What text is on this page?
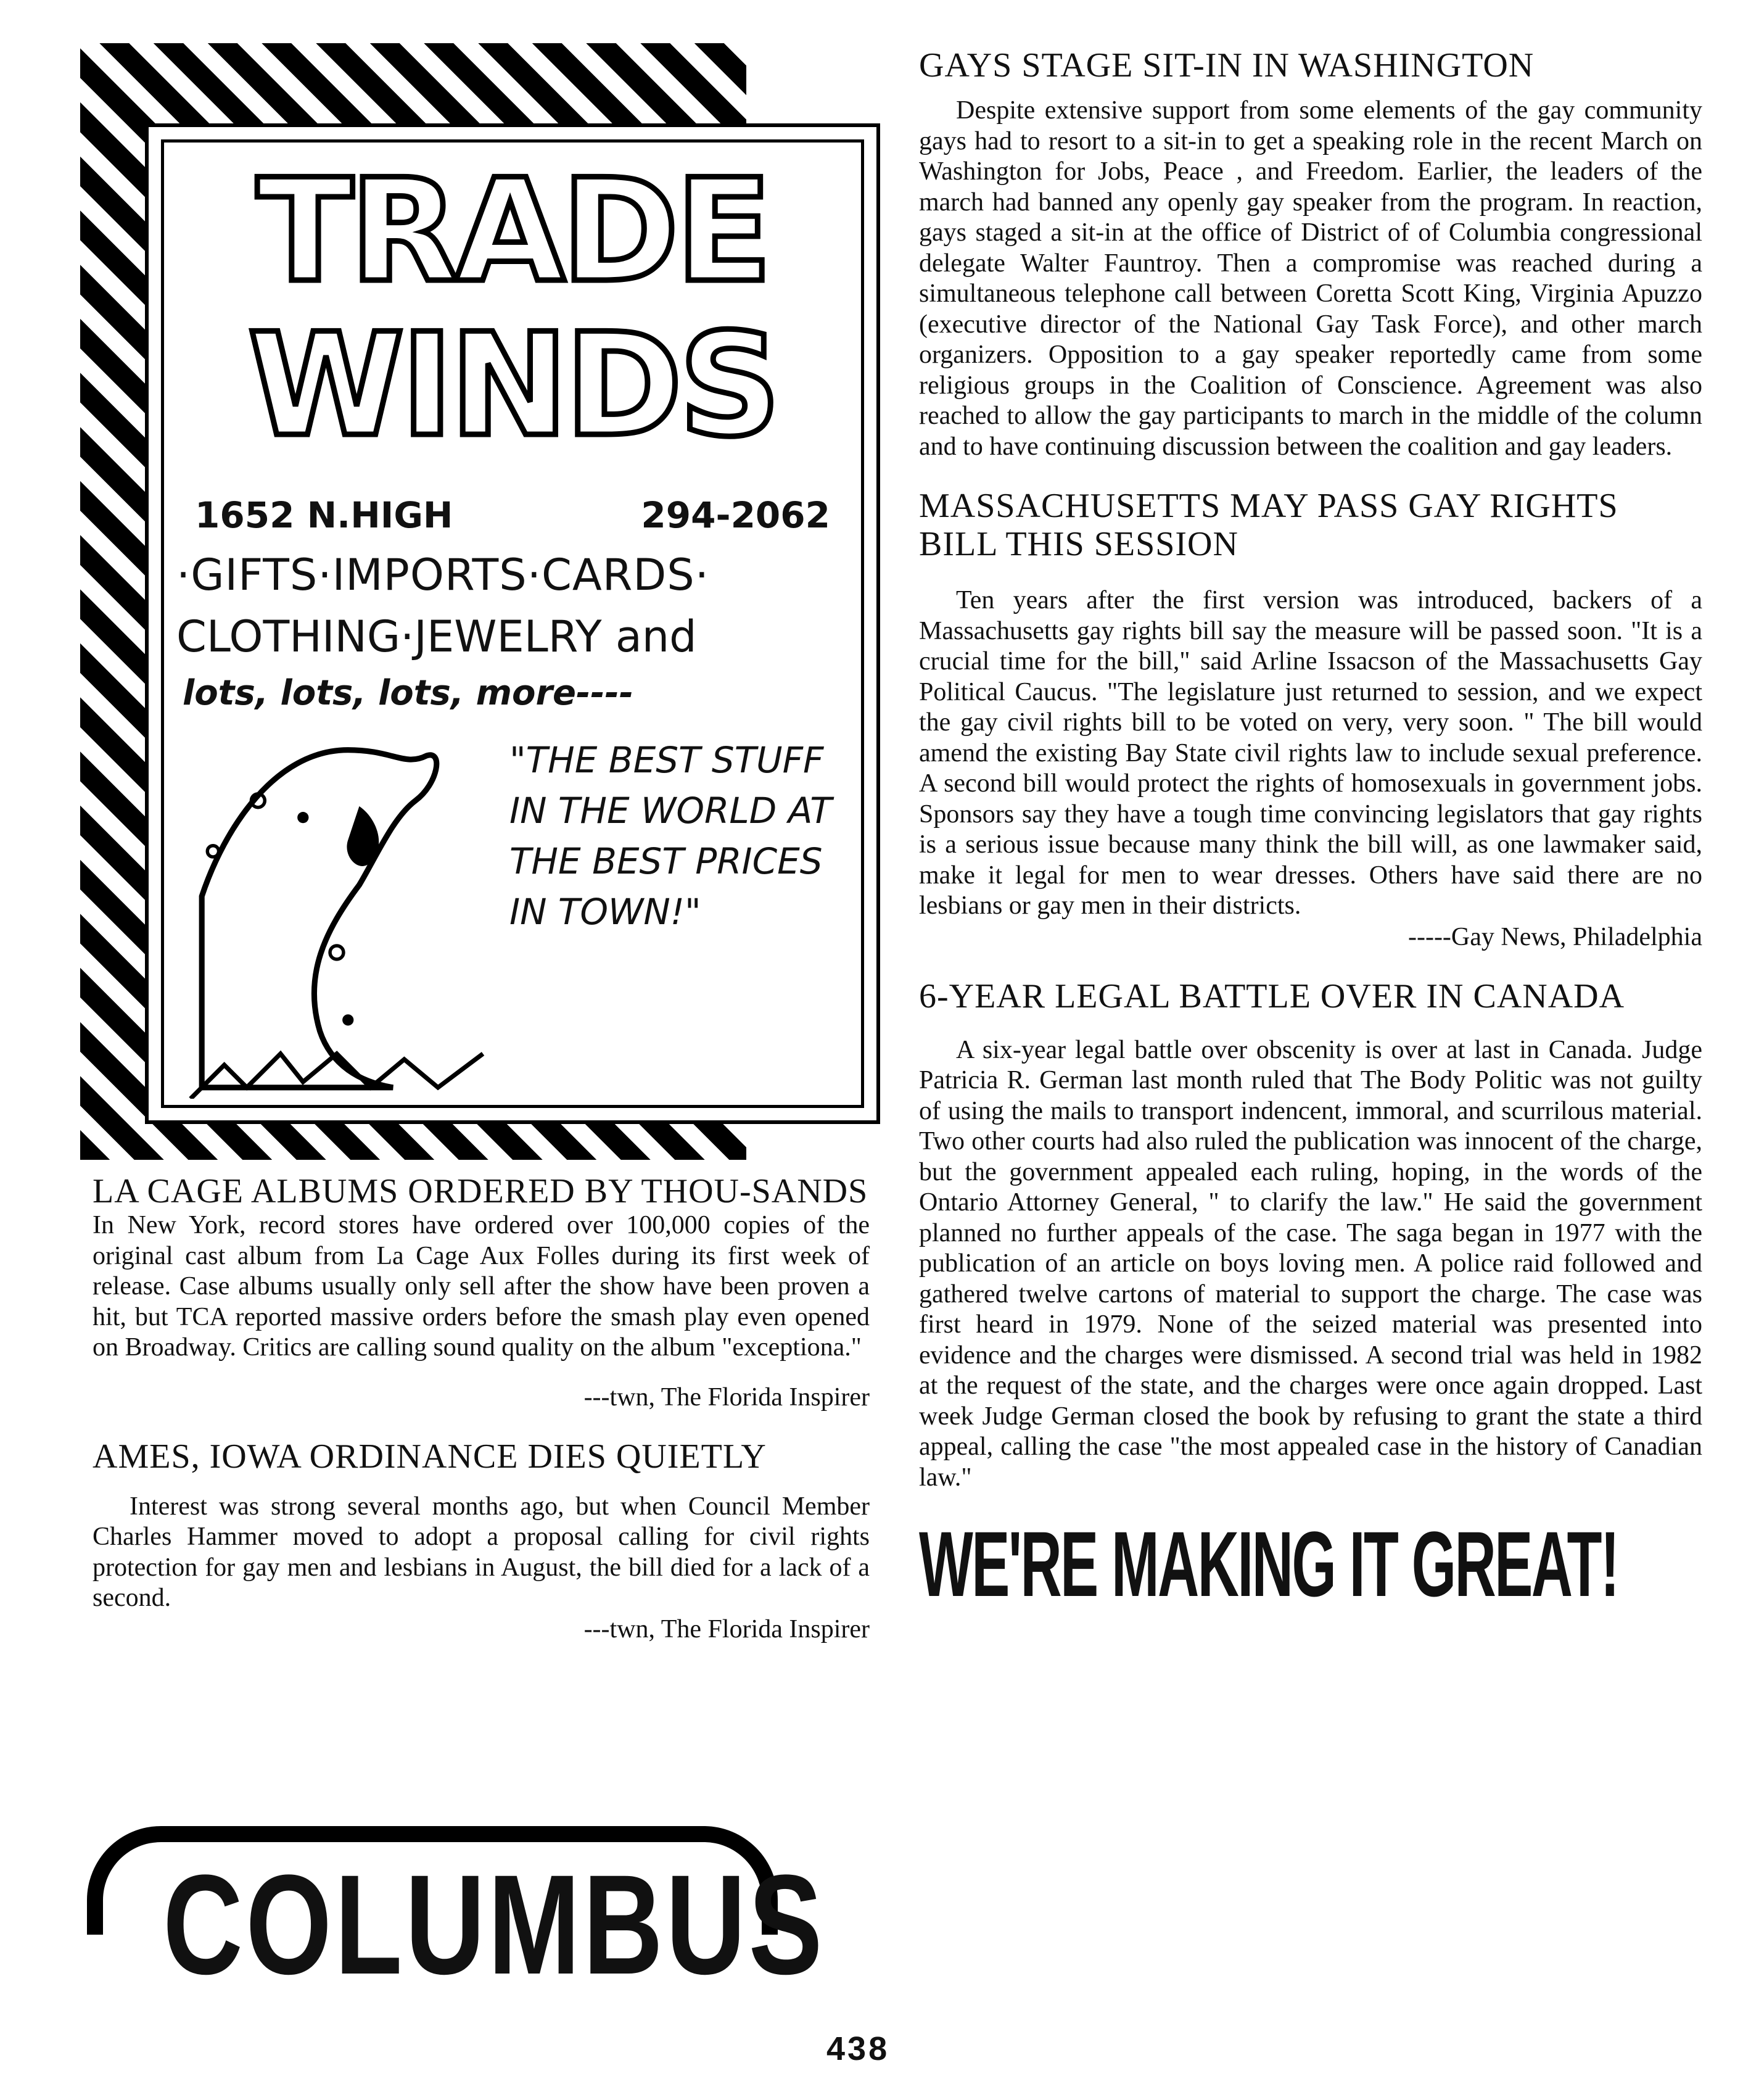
TRADE
WINDS
1652 N.HIGH	294-2062
·GIFTS·IMPORTS·CARDS·
CLOTHING·JEWELRY and
lots, lots, lots, more----
"THE BEST STUFF IN THE WORLD AT THE BEST PRICES IN TOWN!"
LA CAGE ALBUMS ORDERED BY THOU-SANDS

In New York, record stores have ordered over 100,000 copies of the original cast album from La Cage Aux Folles during its first week of release. Case albums usually only sell after the show have been proven a hit, but TCA reported massive orders before the smash play even opened on Broadway. Critics are calling sound quality on the album "exceptiona."

---twn, The Florida Inspirer

AMES, IOWA ORDINANCE DIES QUIETLY

Interest was strong several months ago, but when Council Member Charles Hammer moved to adopt a proposal calling for civil rights protection for gay men and lesbians in August, the bill died for a lack of a second.

---twn, The Florida Inspirer

GAYS STAGE SIT-IN IN WASHINGTON

Despite extensive support from some elements of the gay community gays had to resort to a sit-in to get a speaking role in the recent March on Washington for Jobs, Peace , and Freedom. Earlier, the leaders of the march had banned any openly gay speaker from the program. In reaction, gays staged a sit-in at the office of District of of Columbia congressional delegate Walter Fauntroy. Then a compromise was reached during a simultaneous telephone call between Coretta Scott King, Virginia Apuzzo (executive director of the National Gay Task Force), and other march organizers. Opposition to a gay speaker reportedly came from some religious groups in the Coalition of Conscience. Agreement was also reached to allow the gay participants to march in the middle of the column and to have continuing discussion between the coalition and gay leaders.

MASSACHUSETTS MAY PASS GAY RIGHTS BILL THIS SESSION

Ten years after the first version was introduced, backers of a Massachusetts gay rights bill say the measure will be passed soon. "It is a crucial time for the bill," said Arline Issacson of the Massachusetts Gay Political Caucus. "The legislature just returned to session, and we expect the gay civil rights bill to be voted on very, very soon. " The bill would amend the existing Bay State civil rights law to include sexual preference. A second bill would protect the rights of homosexuals in government jobs. Sponsors say they have a tough time convincing legislators that gay rights is a serious issue because many think the bill will, as one lawmaker said, make it legal for men to wear dresses. Others have said there are no lesbians or gay men in their districts.

-----Gay News, Philadelphia

6-YEAR LEGAL BATTLE OVER IN CANADA

A six-year legal battle over obscenity is over at last in Canada. Judge Patricia R. German last month ruled that The Body Politic was not guilty of using the mails to transport indencent, immoral, and scurrilous material. Two other courts had also ruled the publication was innocent of the charge, but the government appealed each ruling, hoping, in the words of the Ontario Attorney General, " to clarify the law." He said the government planned no further appeals of the case. The saga began in 1977 with the publication of an article on boys loving men. A police raid followed and gathered twelve cartons of material to support the charge. The case was first heard in 1979. None of the seized material was presented into evidence and the charges were dismissed. A second trial was held in 1982 at the request of the state, and the charges were once again dropped. Last week Judge German closed the book by refusing to grant the state a third appeal, calling the case "the most appealed case in the history of Canadian law."

WE'RE MAKING IT GREAT!
COLUMBUS
438
